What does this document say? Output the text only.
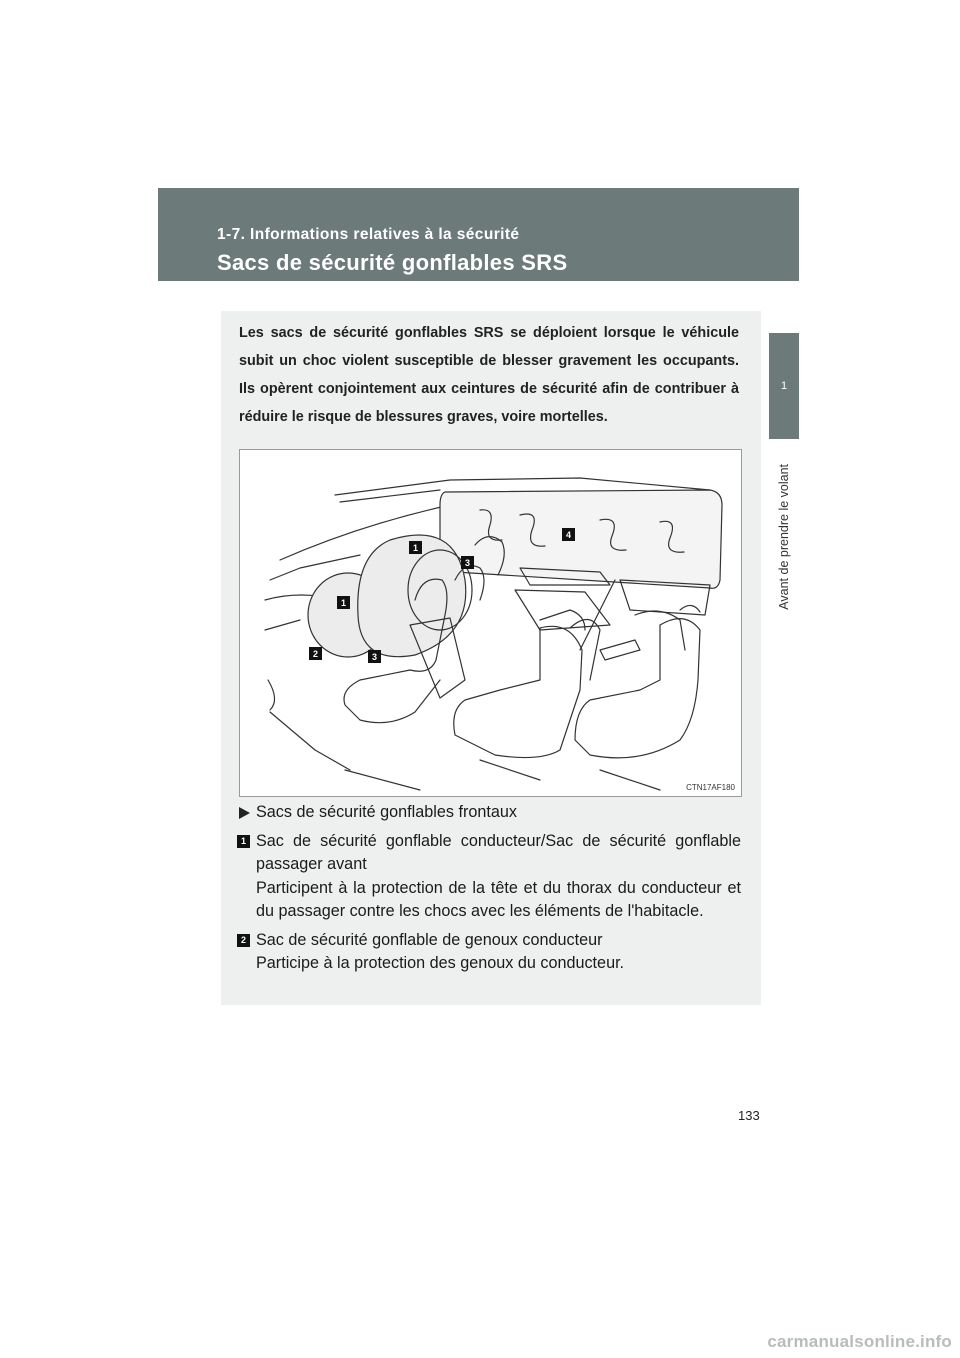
1-7. Informations relatives à la sécurité
Sacs de sécurité gonflables SRS
1
Avant de prendre le volant
Les sacs de sécurité gonflables SRS se déploient lorsque le véhicule subit un choc violent susceptible de blesser gravement les occupants. Ils opèrent conjointement aux ceintures de sécurité afin de contribuer à réduire le risque de blessures graves, voire mortelles.
1
1
2	3
3
4
CTN17AF180
Sacs de sécurité gonflables frontaux
1 Sac de sécurité gonflable conducteur/Sac de sécurité gonflable passager avant
Participent à la protection de la tête et du thorax du conducteur et du passager contre les chocs avec les éléments de l'habitacle.
2 Sac de sécurité gonflable de genoux conducteur
Participe à la protection des genoux du conducteur.
133
carmanualsonline.info
